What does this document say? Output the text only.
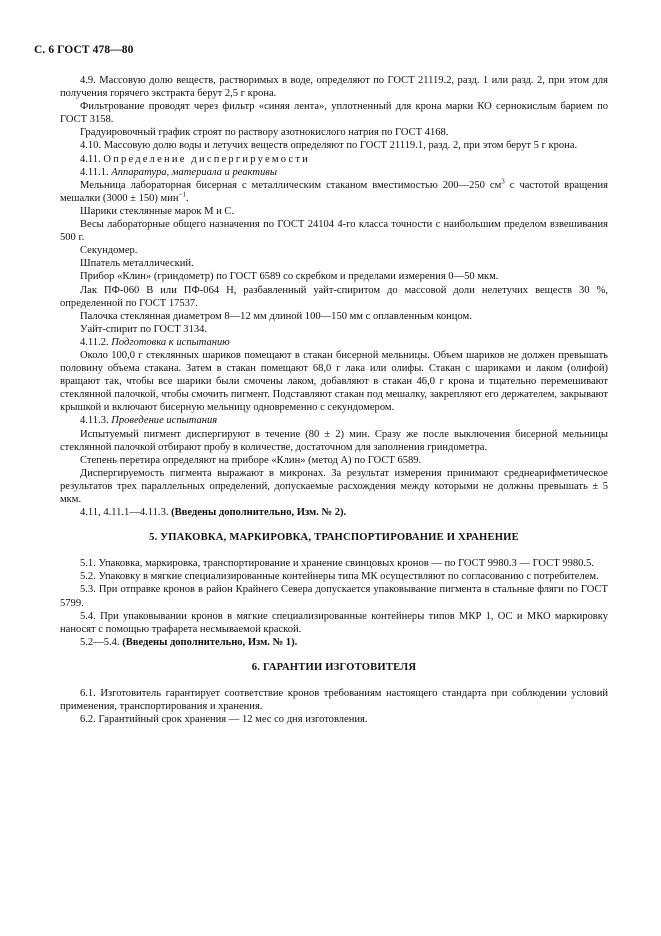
С. 6 ГОСТ 478—80

4.9. Массовую долю веществ, растворимых в воде, определяют по ГОСТ 21119.2, разд. 1 или разд. 2, при этом для получения горячего экстракта берут 2,5 г крона.

Фильтрование проводят через фильтр «синяя лента», уплотненный для крона марки КО сернокислым барием по ГОСТ 3158.

Градуировочный график строят по раствору азотнокислого натрия по ГОСТ 4168.

4.10. Массовую долю воды и летучих веществ определяют по ГОСТ 21119.1, разд. 2, при этом берут 5 г крона.

4.11. Определение диспергируемости

4.11.1. Аппаратура, материала и реактивы

Мельница лабораторная бисерная с металлическим стаканом вместимостью 200—250 $см^3$ с частотой вращения мешалки (3000 ± 150) мин$^{-1}$.

Шарики стеклянные марок М и С.

Весы лабораторные общего назначения по ГОСТ 24104 4-го класса точности с наибольшим пределом взвешивания 500 г.

Секундомер.

Шпатель металлический.

Прибор «Клин» (гриндометр) по ГОСТ 6589 со скребком и пределами измерения 0—50 мкм.

Лак ПФ-060 В или ПФ-064 Н, разбавленный уайт-спиритом до массовой доли нелетучих веществ 30 %, определенной по ГОСТ 17537.

Палочка стеклянная диаметром 8—12 мм длиной 100—150 мм с оплавленным концом.

Уайт-спирит по ГОСТ 3134.

4.11.2. Подготовка к испытанию

Около 100,0 г стеклянных шариков помещают в стакан бисерной мельницы. Объем шариков не должен превышать половину объема стакана. Затем в стакан помещают 68,0 г лака или олифы. Стакан с шариками и лаком (олифой) вращают так, чтобы все шарики были смочены лаком, добавляют в стакан 46,0 г крона и тщательно перемешивают стеклянной палочкой, чтобы смочить пигмент. Подставляют стакан под мешалку, закрепляют его держателем, закрывают крышкой и включают бисерную мельницу одновременно с секундомером.

4.11.3. Проведение испытания

Испытуемый пигмент диспергируют в течение (80 ± 2) мин. Сразу же после выключения бисерной мельницы стеклянной палочкой отбирают пробу в количестве, достаточном для заполнения гриндометра.

Степень перетира определяют на приборе «Клин» (метод А) по ГОСТ 6589.

Диспергируемость пигмента выражают в микронах. За результат измерения принимают среднеарифметическое результатов трех параллельных определений, допускаемые расхождения между которыми не должны превышать ± 5 мкм.

4.11, 4.11.1—4.11.3. (Введены дополнительно, Изм. № 2).

5. УПАКОВКА, МАРКИРОВКА, ТРАНСПОРТИРОВАНИЕ И ХРАНЕНИЕ

5.1. Упаковка, маркировка, транспортирование и хранение свинцовых кронов — по ГОСТ 9980.3 — ГОСТ 9980.5.

5.2. Упаковку в мягкие специализированные контейнеры типа МК осуществляют по согласованию с потребителем.

5.3. При отправке кронов в район Крайнего Севера допускается упаковывание пигмента в стальные фляги по ГОСТ 5799.

5.4. При упаковывании кронов в мягкие специализированные контейнеры типов МКР 1, ОС и МКО маркировку наносят с помощью трафарета несмываемой краской.

5.2—5.4. (Введены дополнительно, Изм. № 1).

6. ГАРАНТИИ ИЗГОТОВИТЕЛЯ

6.1. Изготовитель гарантирует соответствие кронов требованиям настоящего стандарта при соблюдении условий применения, транспортирования и хранения.

6.2. Гарантийный срок хранения — 12 мес со дня изготовления.
